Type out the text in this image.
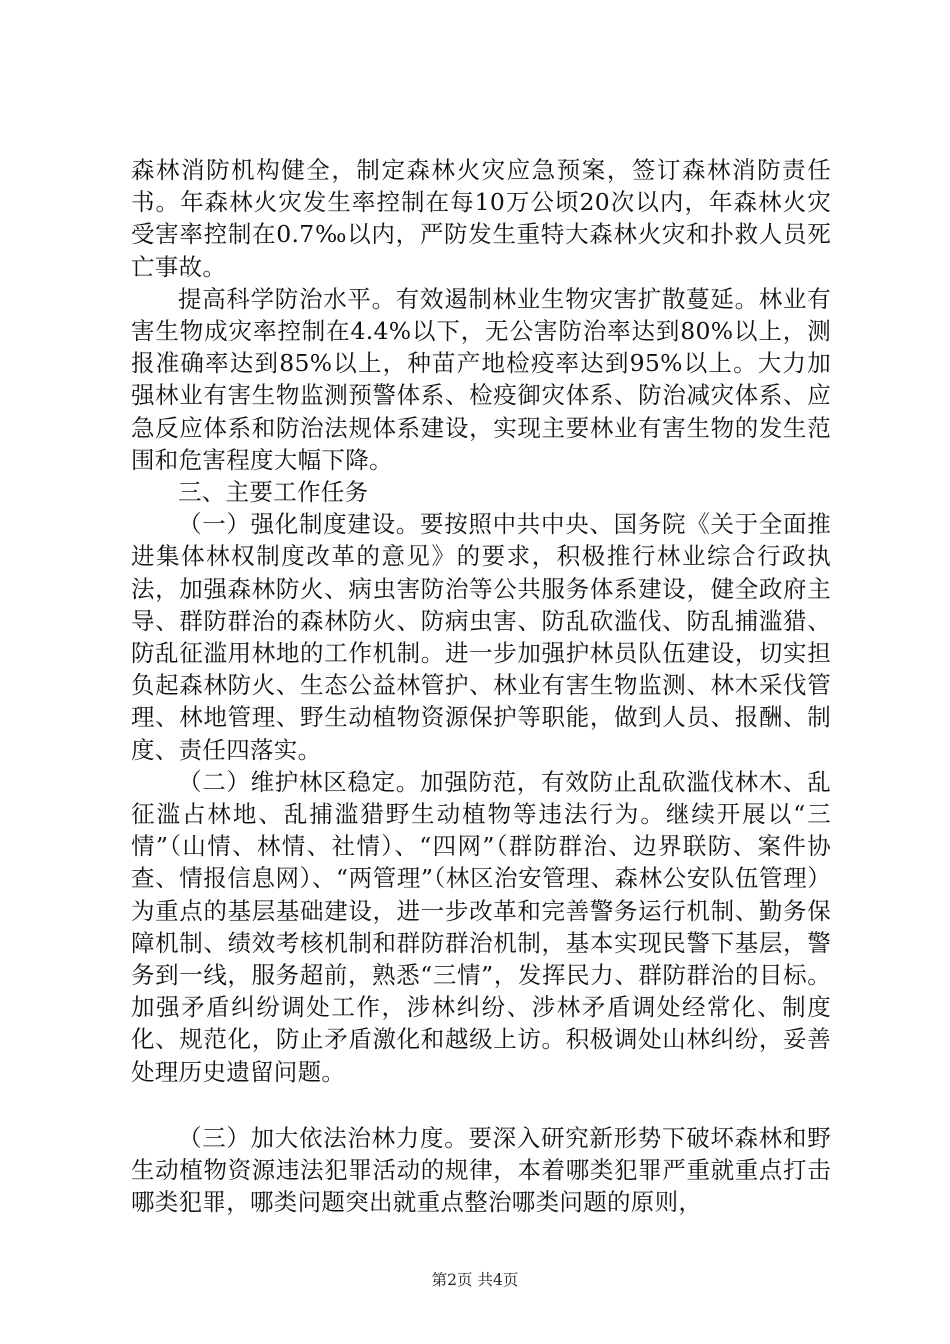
森林消防机构健全，制定森林火灾应急预案，签订森林消防责任书。年森林火灾发生率控制在每10万公顷20次以内，年森林火灾受害率控制在0.7‰以内，严防发生重特大森林火灾和扑救人员死亡事故。

提高科学防治水平。有效遏制林业生物灾害扩散蔓延。林业有害生物成灾率控制在4.4%以下，无公害防治率达到80%以上，测报准确率达到85%以上，种苗产地检疫率达到95%以上。大力加强林业有害生物监测预警体系、检疫御灾体系、防治减灾体系、应急反应体系和防治法规体系建设，实现主要林业有害生物的发生范围和危害程度大幅下降。

三、主要工作任务

（一）强化制度建设。要按照中共中央、国务院《关于全面推进集体林权制度改革的意见》的要求，积极推行林业综合行政执法，加强森林防火、病虫害防治等公共服务体系建设，健全政府主导、群防群治的森林防火、防病虫害、防乱砍滥伐、防乱捕滥猎、防乱征滥用林地的工作机制。进一步加强护林员队伍建设，切实担负起森林防火、生态公益林管护、林业有害生物监测、林木采伐管理、林地管理、野生动植物资源保护等职能，做到人员、报酬、制度、责任四落实。

（二）维护林区稳定。加强防范，有效防止乱砍滥伐林木、乱征滥占林地、乱捕滥猎野生动植物等违法行为。继续开展以“三情”（山情、林情、社情）、“四网”（群防群治、边界联防、案件协查、情报信息网）、“两管理”（林区治安管理、森林公安队伍管理）为重点的基层基础建设，进一步改革和完善警务运行机制、勤务保障机制、绩效考核机制和群防群治机制，基本实现民警下基层，警务到一线，服务超前，熟悉“三情”，发挥民力、群防群治的目标。加强矛盾纠纷调处工作，涉林纠纷、涉林矛盾调处经常化、制度化、规范化，防止矛盾激化和越级上访。积极调处山林纠纷，妥善处理历史遗留问题。

（三）加大依法治林力度。要深入研究新形势下破坏森林和野生动植物资源违法犯罪活动的规律，本着哪类犯罪严重就重点打击哪类犯罪，哪类问题突出就重点整治哪类问题的原则，

第2页 共4页
